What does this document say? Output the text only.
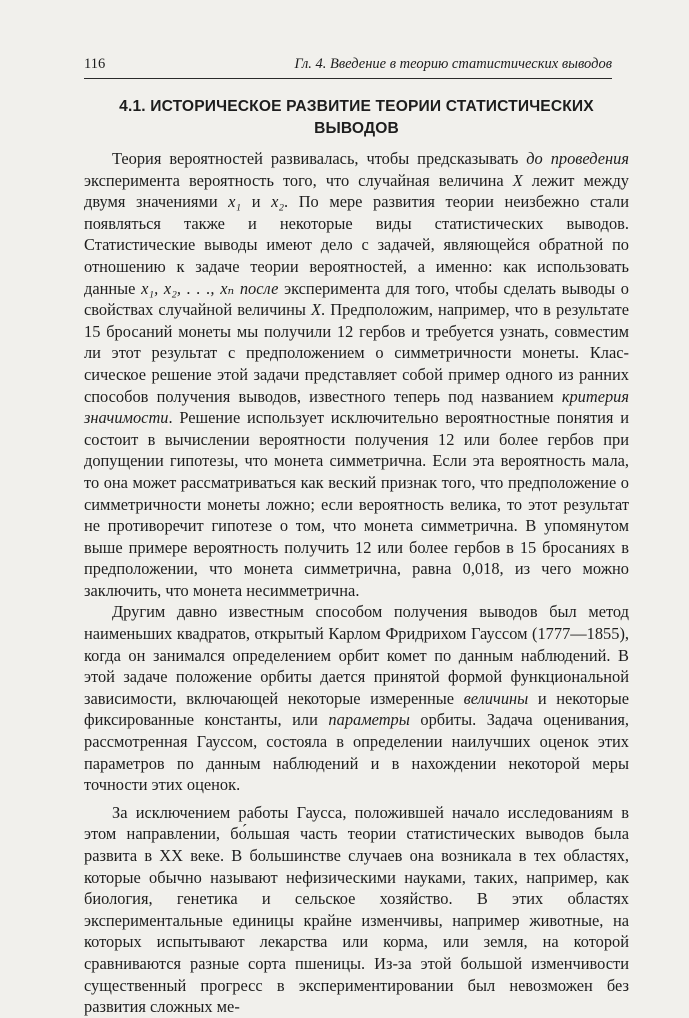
116	Гл. 4. Введение в теорию статистических выводов
4.1. ИСТОРИЧЕСКОЕ РАЗВИТИЕ ТЕОРИИ СТАТИСТИЧЕСКИХ ВЫВОДОВ

Теория вероятностей развивалась, чтобы предсказывать до проведения эксперимента вероятность того, что случайная величина X лежит между двумя значениями x₁ и x₂. По мере развития теории неизбежно стали появляться также и некоторые виды статистических выводов. Статистические выводы имеют дело с задачей, являющейся обратной по отношению к задаче теории вероятностей, а именно: как использовать данные x₁, x₂, . . ., xₙ после эксперимента для того, чтобы сделать выводы о свойствах случайной величины X. Предположим, например, что в результате 15 бросаний монеты мы получили 12 гербов и требуется узнать, совместим ли этот результат с предположением о симметричности монеты. Классическое решение этой задачи представляет собой пример одного из ранних способов получения выводов, известного теперь под названием критерия значимости. Решение использует исключительно вероятностные понятия и состоит в вычислении вероятности получения 12 или более гербов при допущении гипотезы, что монета симметрична. Если эта вероятность мала, то она может рассматриваться как веский признак того, что предположение о симметричности монеты ложно; если вероятность велика, то этот результат не противоречит гипотезе о том, что монета симметрична. В упомянутом выше примере вероятность получить 12 или более гербов в 15 бросаниях в предположении, что монета симметрична, равна 0,018, из чего можно заключить, что монета несимметрична.

Другим давно известным способом получения выводов был метод наименьших квадратов, открытый Карлом Фридрихом Гауссом (1777—1855), когда он занимался определением орбит комет по данным наблюдений. В этой задаче положение орбиты дается принятой формой функциональной зависимости, включающей некоторые измеренные величины и некоторые фиксированные константы, или параметры орбиты. Задача оценивания, рассмотренная Гауссом, состояла в определении наилучших оценок этих параметров по данным наблюдений и в нахождении некоторой меры точности этих оценок.

За исключением работы Гаусса, положившей начало исследованиям в этом направлении, бо́льшая часть теории статистических выводов была развита в XX веке. В большинстве случаев она возникала в тех областях, которые обычно называют нефизическими науками, таких, например, как биология, генетика и сельское хозяйство. В этих областях экспериментальные единицы крайне изменчивы, например животные, на которых испытывают лекарства или корма, или земля, на которой сравниваются разные сорта пшеницы. Из-за этой большой изменчивости существенный прогресс в экспериментировании был невозможен без развития сложных ме-
